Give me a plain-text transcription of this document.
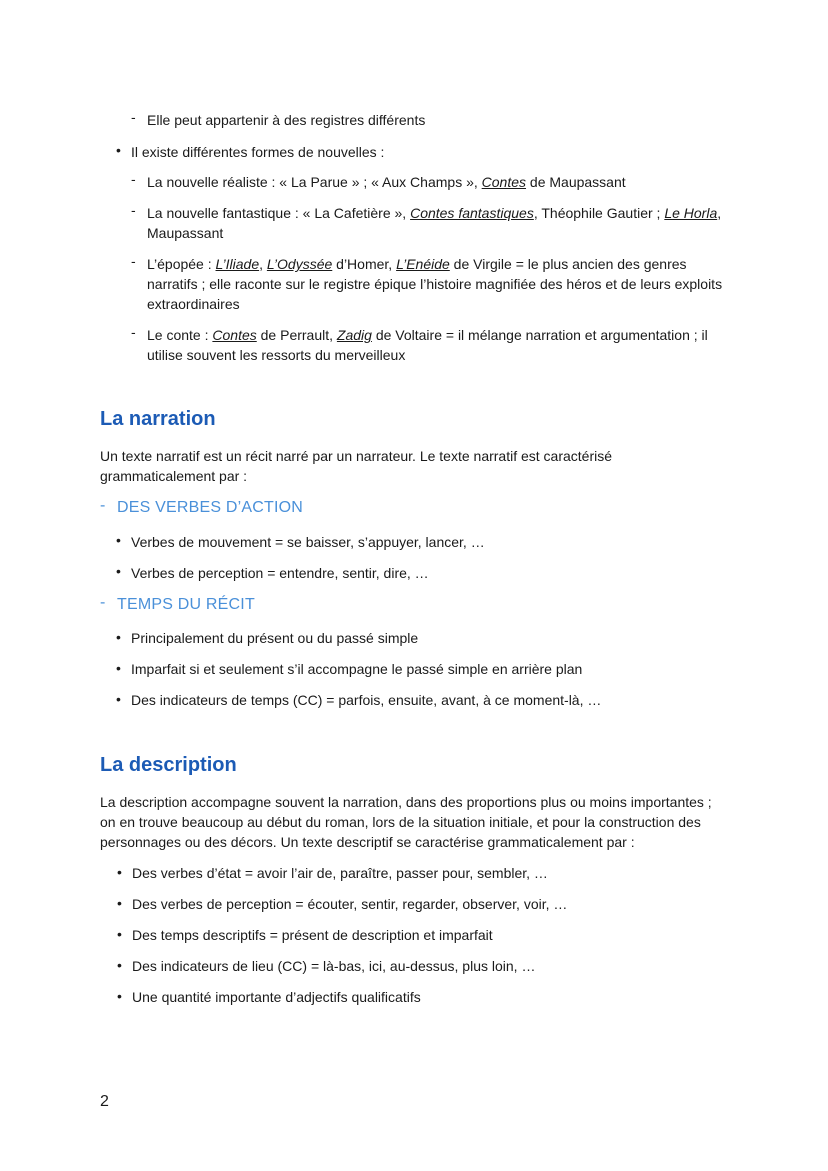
- Elle peut appartenir à des registres différents
• Il existe différentes formes de nouvelles :
- La nouvelle réaliste : « La Parue » ; « Aux Champs », Contes de Maupassant
- La nouvelle fantastique : « La Cafetière », Contes fantastiques, Théophile Gautier ; Le Horla,
Maupassant
- L’épopée : L’Iliade, L’Odyssée d’Homer, L’Enéide de Virgile = le plus ancien des genres
narratifs ; elle raconte sur le registre épique l’histoire magnifiée des héros et de leurs exploits
extraordinaires
- Le conte : Contes de Perrault, Zadig de Voltaire = il mélange narration et argumentation ; il
utilise souvent les ressorts du merveilleux
La narration
Un texte narratif est un récit narré par un narrateur. Le texte narratif est caractérisé
grammaticalement par :
- DES VERBES D’ACTION
• Verbes de mouvement = se baisser, s’appuyer, lancer, …
• Verbes de perception = entendre, sentir, dire, …
- TEMPS DU RÉCIT
• Principalement du présent ou du passé simple
• Imparfait si et seulement s’il accompagne le passé simple en arrière plan
• Des indicateurs de temps (CC) = parfois, ensuite, avant, à ce moment-là, …
La description
La description accompagne souvent la narration, dans des proportions plus ou moins importantes ;
on en trouve beaucoup au début du roman, lors de la situation initiale, et pour la construction des
personnages ou des décors. Un texte descriptif se caractérise grammaticalement par :
• Des verbes d’état = avoir l’air de, paraître, passer pour, sembler, …
• Des verbes de perception = écouter, sentir, regarder, observer, voir, …
• Des temps descriptifs = présent de description et imparfait
• Des indicateurs de lieu (CC) = là-bas, ici, au-dessus, plus loin, …
• Une quantité importante d’adjectifs qualificatifs
2
